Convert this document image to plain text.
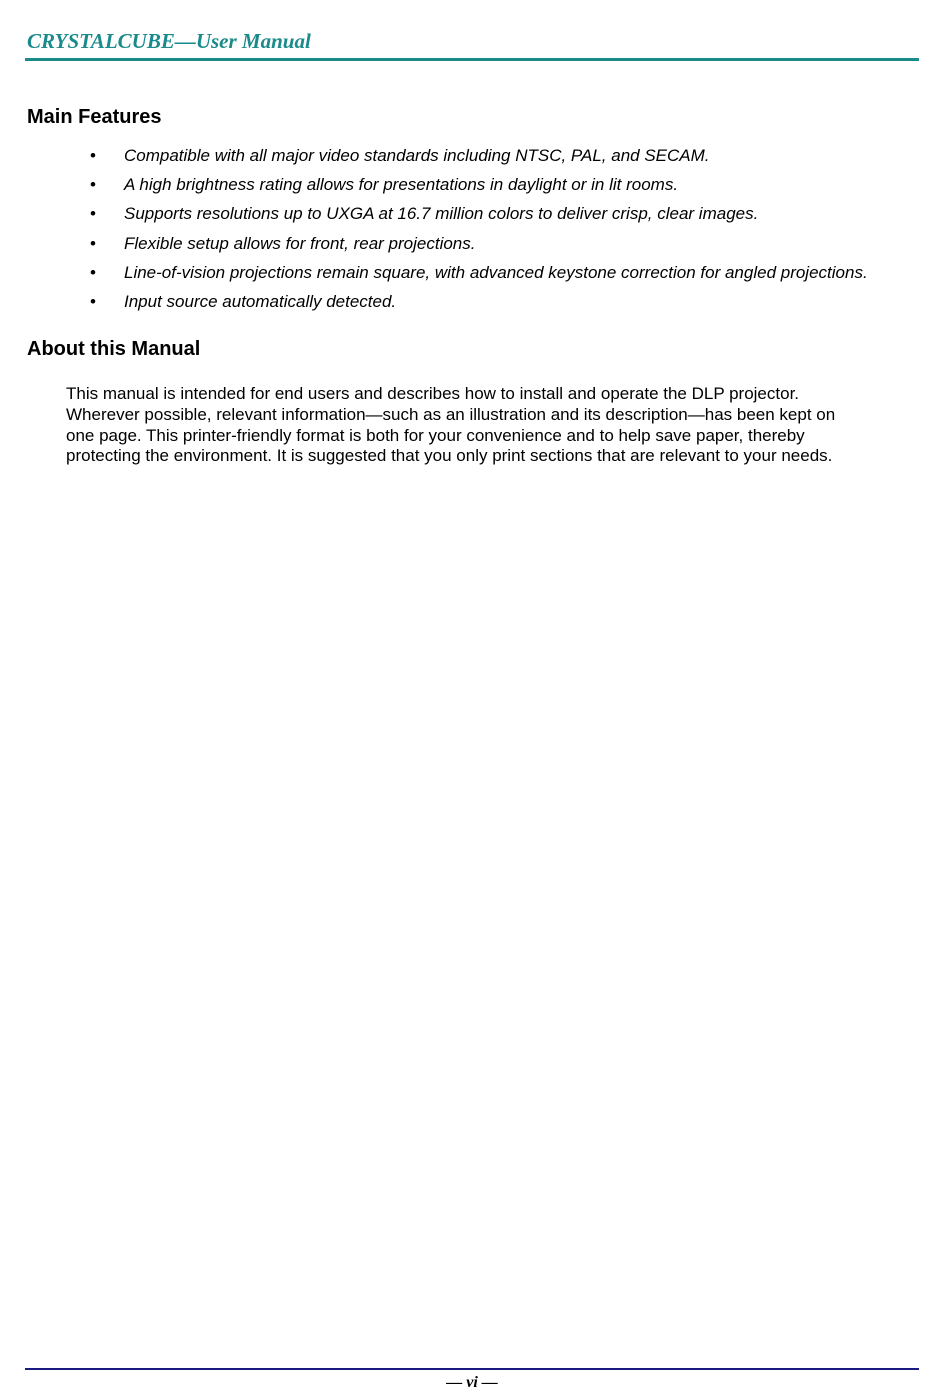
CRYSTALCUBE—User Manual
Main Features
• Compatible with all major video standards including NTSC, PAL, and SECAM.
• A high brightness rating allows for presentations in daylight or in lit rooms.
• Supports resolutions up to UXGA at 16.7 million colors to deliver crisp, clear images.
• Flexible setup allows for front, rear projections.
• Line-of-vision projections remain square, with advanced keystone correction for angled projections.
• Input source automatically detected.
About this Manual

This manual is intended for end users and describes how to install and operate the DLP projector.
Wherever possible, relevant information—such as an illustration and its description—has been kept on
one page. This printer-friendly format is both for your convenience and to help save paper, thereby
protecting the environment. It is suggested that you only print sections that are relevant to your needs.

— vi —
